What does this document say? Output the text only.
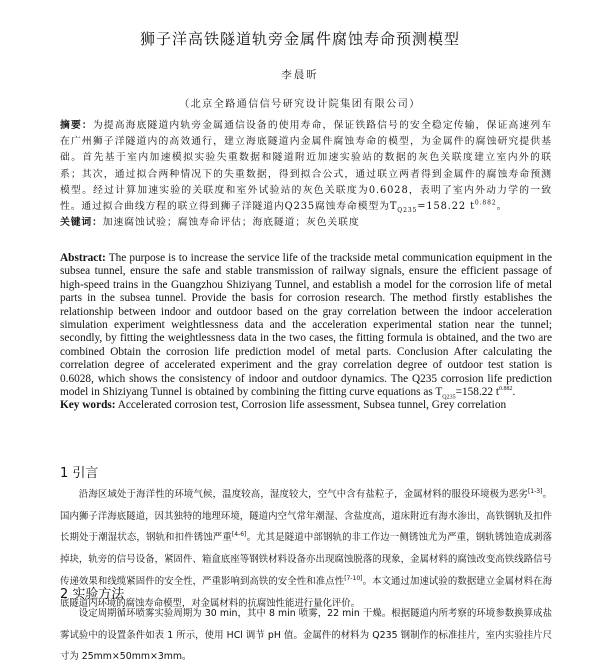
狮子洋高铁隧道轨旁金属件腐蚀寿命预测模型
李晨昕
（北京全路通信信号研究设计院集团有限公司）
摘要：为提高海底隧道内轨旁金属通信设备的使用寿命，保证铁路信号的安全稳定传输，保证高速列车在广州狮子洋隧道内的高效通行，建立海底隧道内金属件腐蚀寿命的模型，为金属件的腐蚀研究提供基础。首先基于室内加速模拟实验失重数据和隧道附近加速实验站的数据的灰色关联度建立室内外的联系；其次，通过拟合两种情况下的失重数据，得到拟合公式，通过联立两者得到金属件的腐蚀寿命预测模型。经过计算加速实验的关联度和室外试验站的灰色关联度为0.6028，表明了室内外动力学的一致性。通过拟合曲线方程的联立得到狮子洋隧道内Q235腐蚀寿命模型为$T_{Q235}=158.22$ $t^{0.882}$。
关键词：加速腐蚀试验；腐蚀寿命评估；海底隧道；灰色关联度
Abstract: The purpose is to increase the service life of the trackside metal communication equipment in the subsea tunnel, ensure the safe and stable transmission of railway signals, ensure the efficient passage of high-speed trains in the Guangzhou Shiziyang Tunnel, and establish a model for the corrosion life of metal parts in the subsea tunnel. Provide the basis for corrosion research. The method firstly establishes the relationship between indoor and outdoor based on the gray correlation between the indoor acceleration simulation experiment weightlessness data and the acceleration experimental station near the tunnel; secondly, by fitting the weightlessness data in the two cases, the fitting formula is obtained, and the two are combined Obtain the corrosion life prediction model of metal parts. Conclusion After calculating the correlation degree of accelerated experiment and the gray correlation degree of outdoor test station is 0.6028, which shows the consistency of indoor and outdoor dynamics. The Q235 corrosion life prediction model in Shiziyang Tunnel is obtained by combining the fitting curve equations as $T_{Q235}=158.22$ $t^{0.882}$.
Key words: Accelerated corrosion test, Corrosion life assessment, Subsea tunnel, Grey correlation
1 引言
沿海区域处于海洋性的环境气候，温度较高，湿度较大，空气中含有盐粒子，金属材料的服役环境极为恶劣[1-3]。国内狮子洋海底隧道，因其独特的地理环境，隧道内空气常年潮湿、含盐度高，道床附近有海水渗出，高铁钢轨及扣件长期处于潮湿状态，钢轨和扣件锈蚀严重[4-6]。尤其是隧道中部钢轨的非工作边一侧锈蚀尤为严重，钢轨锈蚀造成剥落掉块，轨旁的信号设备，紧固件、箱盒底座等钢铁材料设备亦出现腐蚀脱落的现象，金属材料的腐蚀改变高铁线路信号传递效果和线缆紧固件的安全性，严重影响到高铁的安全性和准点性[7-10]。本文通过加速试验的数据建立金属材料在海底隧道内环境的腐蚀寿命模型，对金属材料的抗腐蚀性能进行量化评价。
2 实验方法
设定周期循环喷雾实验周期为 30 min，其中 8 min 喷雾，22 min 干燥。根据隧道内所考察的环境参数换算成盐雾试验中的设置条件如表 1 所示，使用 HCl 调节 pH 值。金属件的材料为 Q235 钢制作的标准挂片，室内实验挂片尺寸为 25mm×50mm×3mm。
